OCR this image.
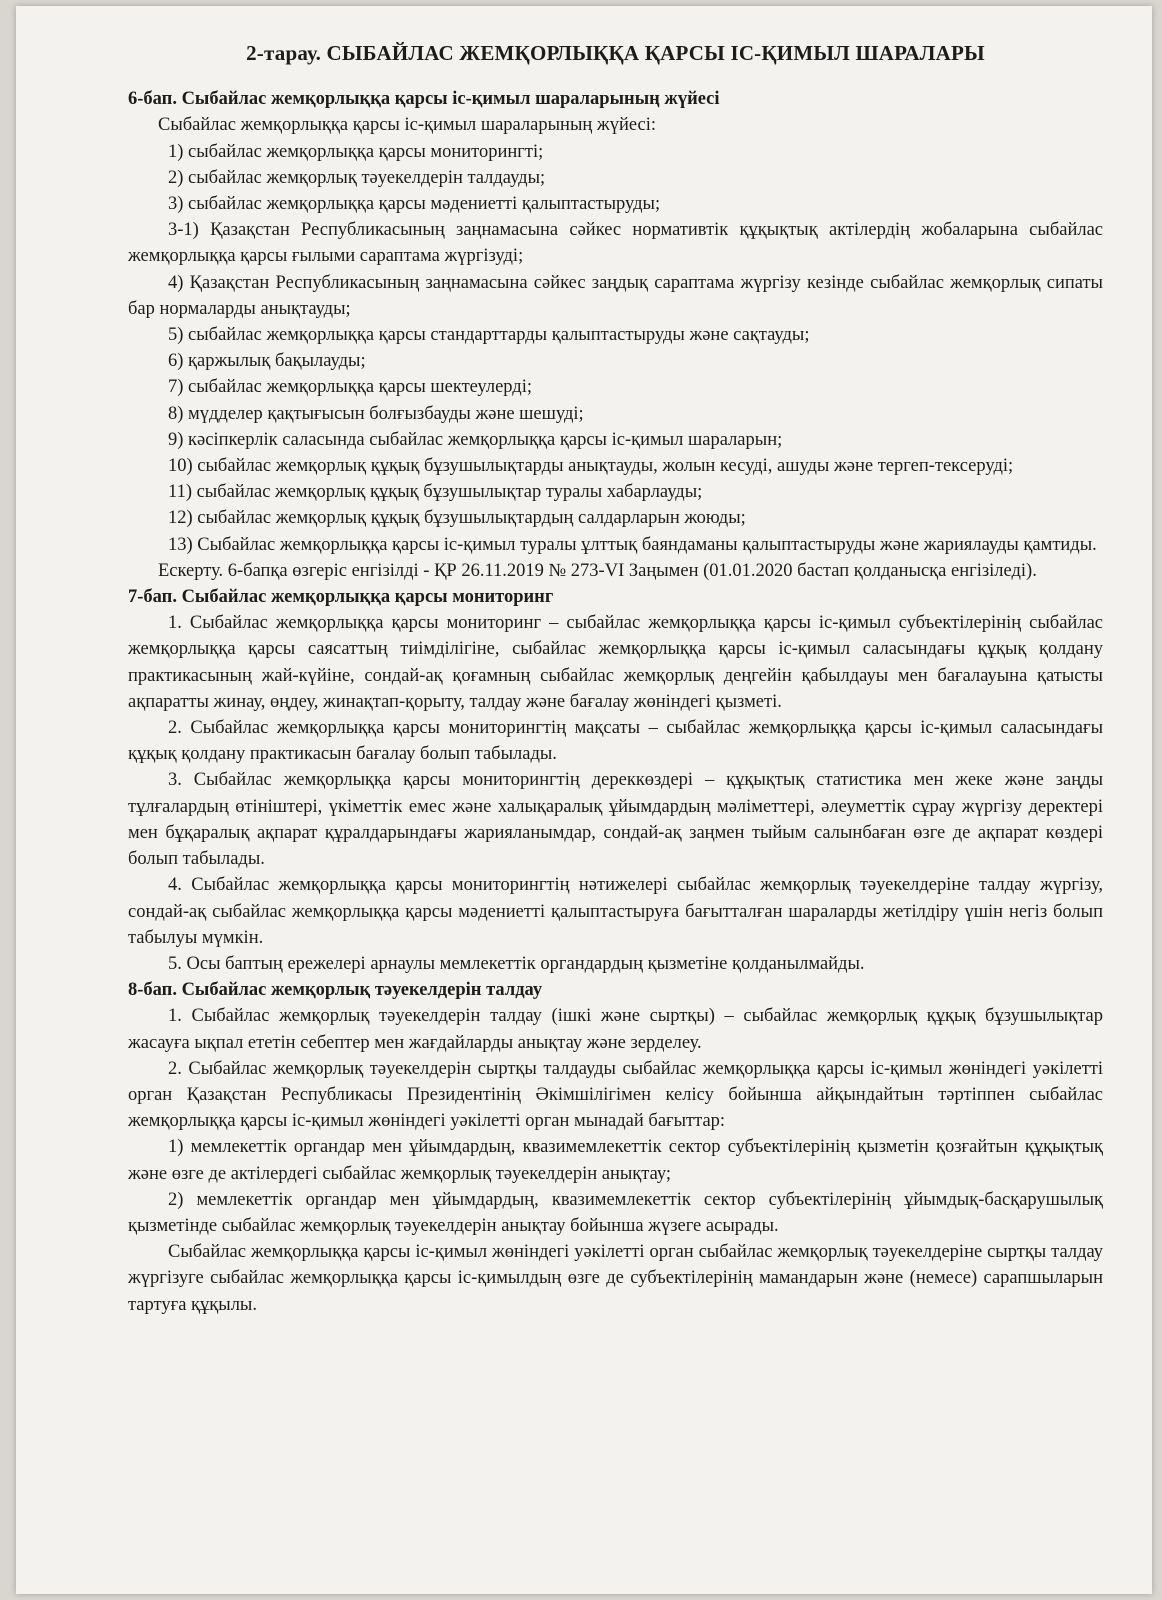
2-тарау. СЫБАЙЛАС ЖЕМҚОРЛЫҚҚА ҚАРСЫ ІС-ҚИМЫЛ ШАРАЛАРЫ

6-бап. Сыбайлас жемқорлыққа қарсы іс-қимыл шараларының жүйесі

Сыбайлас жемқорлыққа қарсы іс-қимыл шараларының жүйесі:

1) сыбайлас жемқорлыққа қарсы мониторингті;

2) сыбайлас жемқорлық тәуекелдерін талдауды;

3) сыбайлас жемқорлыққа қарсы мәдениетті қалыптастыруды;

3-1) Қазақстан Республикасының заңнамасына сәйкес нормативтік құқықтық актілердің жобаларына сыбайлас жемқорлыққа қарсы ғылыми сараптама жүргізуді;

4) Қазақстан Республикасының заңнамасына сәйкес заңдық сараптама жүргізу кезінде сыбайлас жемқорлық сипаты бар нормаларды анықтауды;

5) сыбайлас жемқорлыққа қарсы стандарттарды қалыптастыруды және сақтауды;

6) қаржылық бақылауды;

7) сыбайлас жемқорлыққа қарсы шектеулерді;

8) мүдделер қақтығысын болғызбауды және шешуді;

9) кәсіпкерлік саласында сыбайлас жемқорлыққа қарсы іс-қимыл шараларын;

10) сыбайлас жемқорлық құқық бұзушылықтарды анықтауды, жолын кесуді, ашуды және тергеп-тексеруді;

11) сыбайлас жемқорлық құқық бұзушылықтар туралы хабарлауды;

12) сыбайлас жемқорлық құқық бұзушылықтардың салдарларын жоюды;

13) Сыбайлас жемқорлыққа қарсы іс-қимыл туралы ұлттық баяндаманы қалыптастыруды және жариялауды қамтиды.

Ескерту. 6-бапқа өзгеріс енгізілді - ҚР 26.11.2019 № 273-VI Заңымен (01.01.2020 бастап қолданысқа енгізіледі).

7-бап. Сыбайлас жемқорлыққа қарсы мониторинг

1. Сыбайлас жемқорлыққа қарсы мониторинг – сыбайлас жемқорлыққа қарсы іс-қимыл субъектілерінің сыбайлас жемқорлыққа қарсы саясаттың тиімділігіне, сыбайлас жемқорлыққа қарсы іс-қимыл саласындағы құқық қолдану практикасының жай-күйіне, сондай-ақ қоғамның сыбайлас жемқорлық деңгейін қабылдауы мен бағалауына қатысты ақпаратты жинау, өңдеу, жинақтап-қорыту, талдау және бағалау жөніндегі қызметі.

2. Сыбайлас жемқорлыққа қарсы мониторингтің мақсаты – сыбайлас жемқорлыққа қарсы іс-қимыл саласындағы құқық қолдану практикасын бағалау болып табылады.

3. Сыбайлас жемқорлыққа қарсы мониторингтің дереккөздері – құқықтық статистика мен жеке және заңды тұлғалардың өтініштері, үкіметтік емес және халықаралық ұйымдардың мәліметтері, әлеуметтік сұрау жүргізу деректері мен бұқаралық ақпарат құралдарындағы жарияланымдар, сондай-ақ заңмен тыйым салынбаған өзге де ақпарат көздері болып табылады.

4. Сыбайлас жемқорлыққа қарсы мониторингтің нәтижелері сыбайлас жемқорлық тәуекелдеріне талдау жүргізу, сондай-ақ сыбайлас жемқорлыққа қарсы мәдениетті қалыптастыруға бағытталған шараларды жетілдіру үшін негіз болып табылуы мүмкін.

5. Осы баптың ережелері арнаулы мемлекеттік органдардың қызметіне қолданылмайды.

8-бап. Сыбайлас жемқорлық тәуекелдерін талдау

1. Сыбайлас жемқорлық тәуекелдерін талдау (ішкі және сыртқы) – сыбайлас жемқорлық құқық бұзушылықтар жасауға ықпал ететін себептер мен жағдайларды анықтау және зерделеу.

2. Сыбайлас жемқорлық тәуекелдерін сыртқы талдауды сыбайлас жемқорлыққа қарсы іс-қимыл жөніндегі уәкілетті орган Қазақстан Республикасы Президентінің Әкімшілігімен келісу бойынша айқындайтын тәртіппен сыбайлас жемқорлыққа қарсы іс-қимыл жөніндегі уәкілетті орган мынадай бағыттар:

1) мемлекеттік органдар мен ұйымдардың, квазимемлекеттік сектор субъектілерінің қызметін қозғайтын құқықтық және өзге де актілердегі сыбайлас жемқорлық тәуекелдерін анықтау;

2) мемлекеттік органдар мен ұйымдардың, квазимемлекеттік сектор субъектілерінің ұйымдық-басқарушылық қызметінде сыбайлас жемқорлық тәуекелдерін анықтау бойынша жүзеге асырады.

Сыбайлас жемқорлыққа қарсы іс-қимыл жөніндегі уәкілетті орган сыбайлас жемқорлық тәуекелдеріне сыртқы талдау жүргізуге сыбайлас жемқорлыққа қарсы іс-қимылдың өзге де субъектілерінің мамандарын және (немесе) сарапшыларын тартуға құқылы.
